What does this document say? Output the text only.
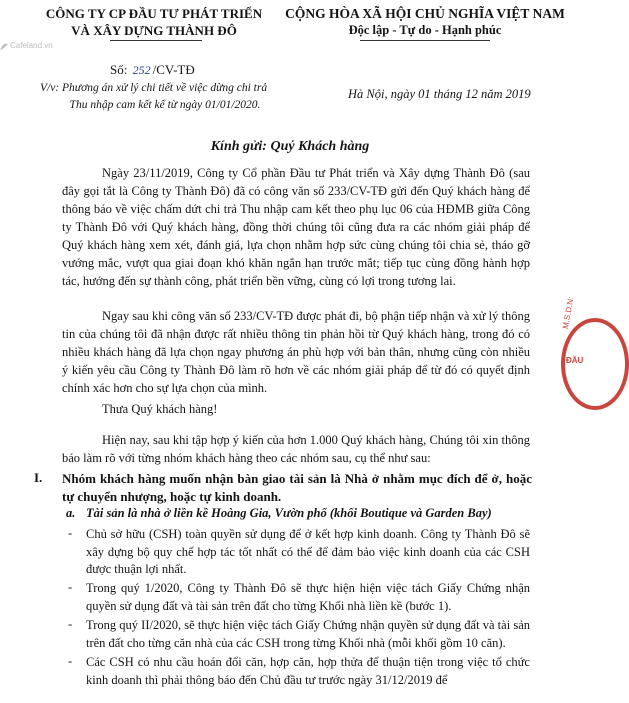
Cafeland.vn
CÔNG TY CP ĐẦU TƯ PHÁT TRIỂN
VÀ XÂY DỰNG THÀNH ĐÔ
CỘNG HÒA XÃ HỘI CHỦ NGHĨA VIỆT NAM
Độc lập - Tự do - Hạnh phúc
Số: 252 /CV-TĐ
V/v: Phương án xử lý chi tiết về việc dừng chi trả
Thu nhập cam kết kể từ ngày 01/01/2020.
Hà Nội, ngày 01 tháng 12 năm 2019
Kính gửi: Quý Khách hàng
Ngày 23/11/2019, Công ty Cổ phần Đầu tư Phát triển và Xây dựng Thành Đô (sau đây gọi tắt là Công ty Thành Đô) đã có công văn số 233/CV-TĐ gửi đến Quý khách hàng để thông báo về việc chấm dứt chi trả Thu nhập cam kết theo phụ lục 06 của HĐMB giữa Công ty Thành Đô với Quý khách hàng, đồng thời chúng tôi cũng đưa ra các nhóm giải pháp để Quý khách hàng xem xét, đánh giá, lựa chọn nhằm hợp sức cùng chúng tôi chia sẻ, tháo gỡ vướng mắc, vượt qua giai đoạn khó khăn ngắn hạn trước mắt; tiếp tục cùng đồng hành hợp tác, hướng đến sự thành công, phát triển bền vững, cùng có lợi trong tương lai.
Ngay sau khi công văn số 233/CV-TĐ được phát đi, bộ phận tiếp nhận và xử lý thông tin của chúng tôi đã nhận được rất nhiều thông tin phản hồi từ Quý khách hàng, trong đó có nhiều khách hàng đã lựa chọn ngay phương án phù hợp với bản thân, nhưng cũng còn nhiều ý kiến yêu cầu Công ty Thành Đô làm rõ hơn về các nhóm giải pháp để từ đó có quyết định chính xác hơn cho sự lựa chọn của mình.
Thưa Quý khách hàng!
Hiện nay, sau khi tập hợp ý kiến của hơn 1.000 Quý khách hàng, Chúng tôi xin thông báo làm rõ với từng nhóm khách hàng theo các nhóm sau, cụ thể như sau:
I. Nhóm khách hàng muốn nhận bàn giao tài sản là Nhà ở nhằm mục đích để ở, hoặc tự chuyển nhượng, hoặc tự kinh doanh.
a. Tài sản là nhà ở liền kề Hoàng Gia, Vườn phố (khối Boutique và Garden Bay)
- Chủ sở hữu (CSH) toàn quyền sử dụng để ở kết hợp kinh doanh. Công ty Thành Đô sẽ xây dựng bộ quy chế hợp tác tốt nhất có thể để đảm bảo việc kinh doanh của các CSH được thuận lợi nhất.
- Trong quý 1/2020, Công ty Thành Đô sẽ thực hiện hiện việc tách Giấy Chứng nhận quyền sử dụng đất và tài sản trên đất cho từng Khối nhà liền kề (bước 1).
- Trong quý II/2020, sẽ thực hiện việc tách Giấy Chứng nhận quyền sử dụng đất và tài sản trên đất cho từng căn nhà của các CSH trong từng Khối nhà (mỗi khối gồm 10 căn).
- Các CSH có nhu cầu hoán đổi căn, hợp căn, hợp thửa để thuận tiện trong việc tổ chức kinh doanh thì phải thông báo đến Chủ đầu tư trước ngày 31/12/2019 để
M.S.D.N:
ĐẦU
